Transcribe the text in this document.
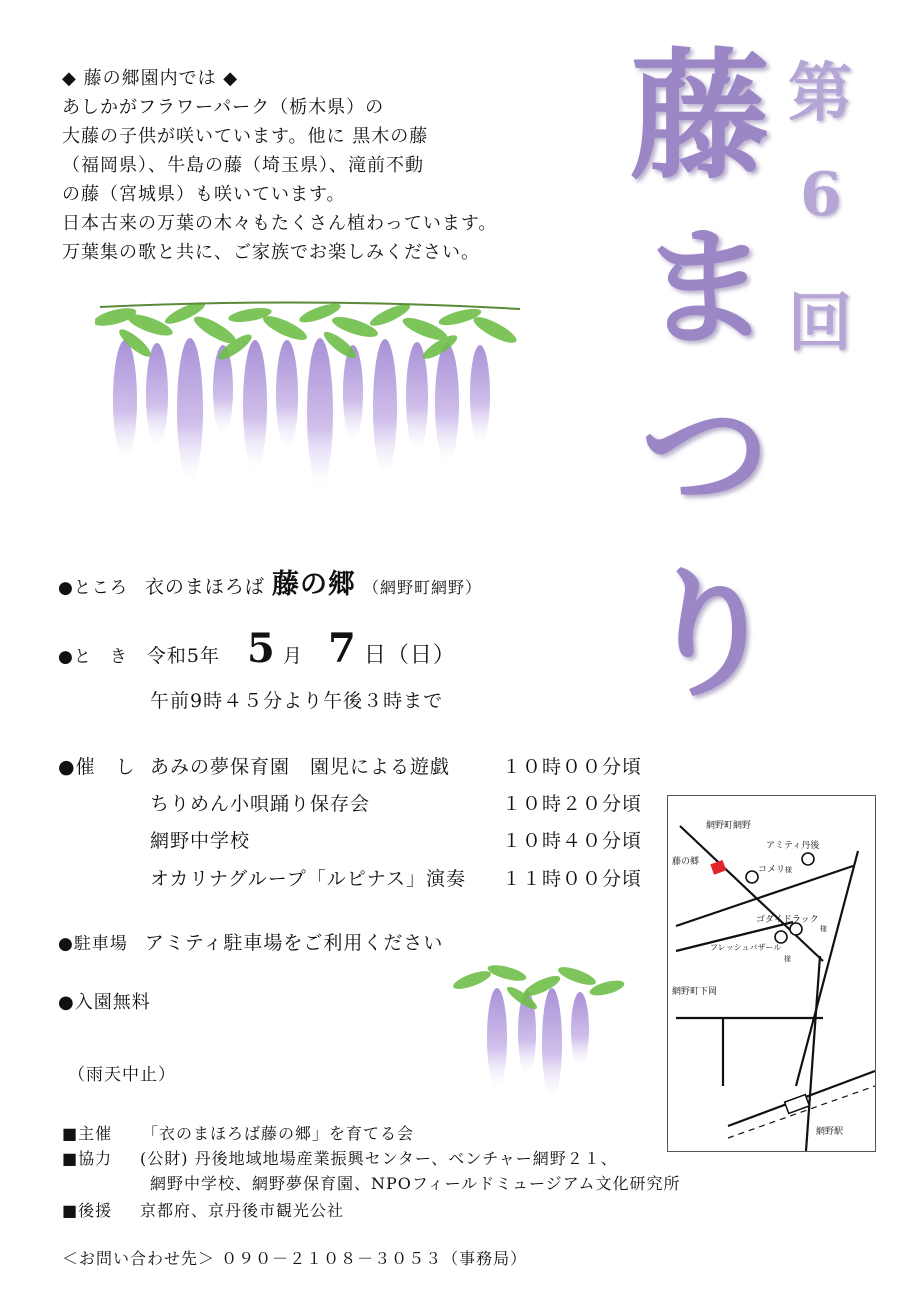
◆ 藤の郷園内では ◆
あしかがフラワーパーク（栃木県）の
大藤の子供が咲いています。他に 黒木の藤
（福岡県）、牛島の藤（埼玉県）、滝前不動
の藤（宮城県）も咲いています。
日本古来の万葉の木々もたくさん植わっています。
万葉集の歌と共に、ご家族でお楽しみください。
第
6
回
藤
ま
つ
り
●ところ 衣のまほろば 藤の郷 （網野町網野）
●と　き 令和5年 5 月 7 日（日）
午前9時４５分より午後３時まで
●催　し あみの夢保育園　園児による遊戯	１０時００分頃
ちりめん小唄踊り保存会	１０時２０分頃
網野中学校	１０時４０分頃
オカリナグループ「ルピナス」演奏 １１時００分頃
●駐車場 アミティ駐車場をご利用ください
●入園無料
（雨天中止）
網野町網野
アミティ丹後
藤の郷
コメリ様
ゴダイドラック
様
フレッシュバザール
様
網野町下岡
網野駅
■主催 「衣のまほろば藤の郷」を育てる会
■協力 (公財) 丹後地域地場産業振興センター、ベンチャー網野２１、
網野中学校、網野夢保育園、NPOフィールドミュージアム文化研究所
■後援 京都府、京丹後市観光公社
＜お問い合わせ先＞ ０９０－２１０８－３０５３（事務局）
